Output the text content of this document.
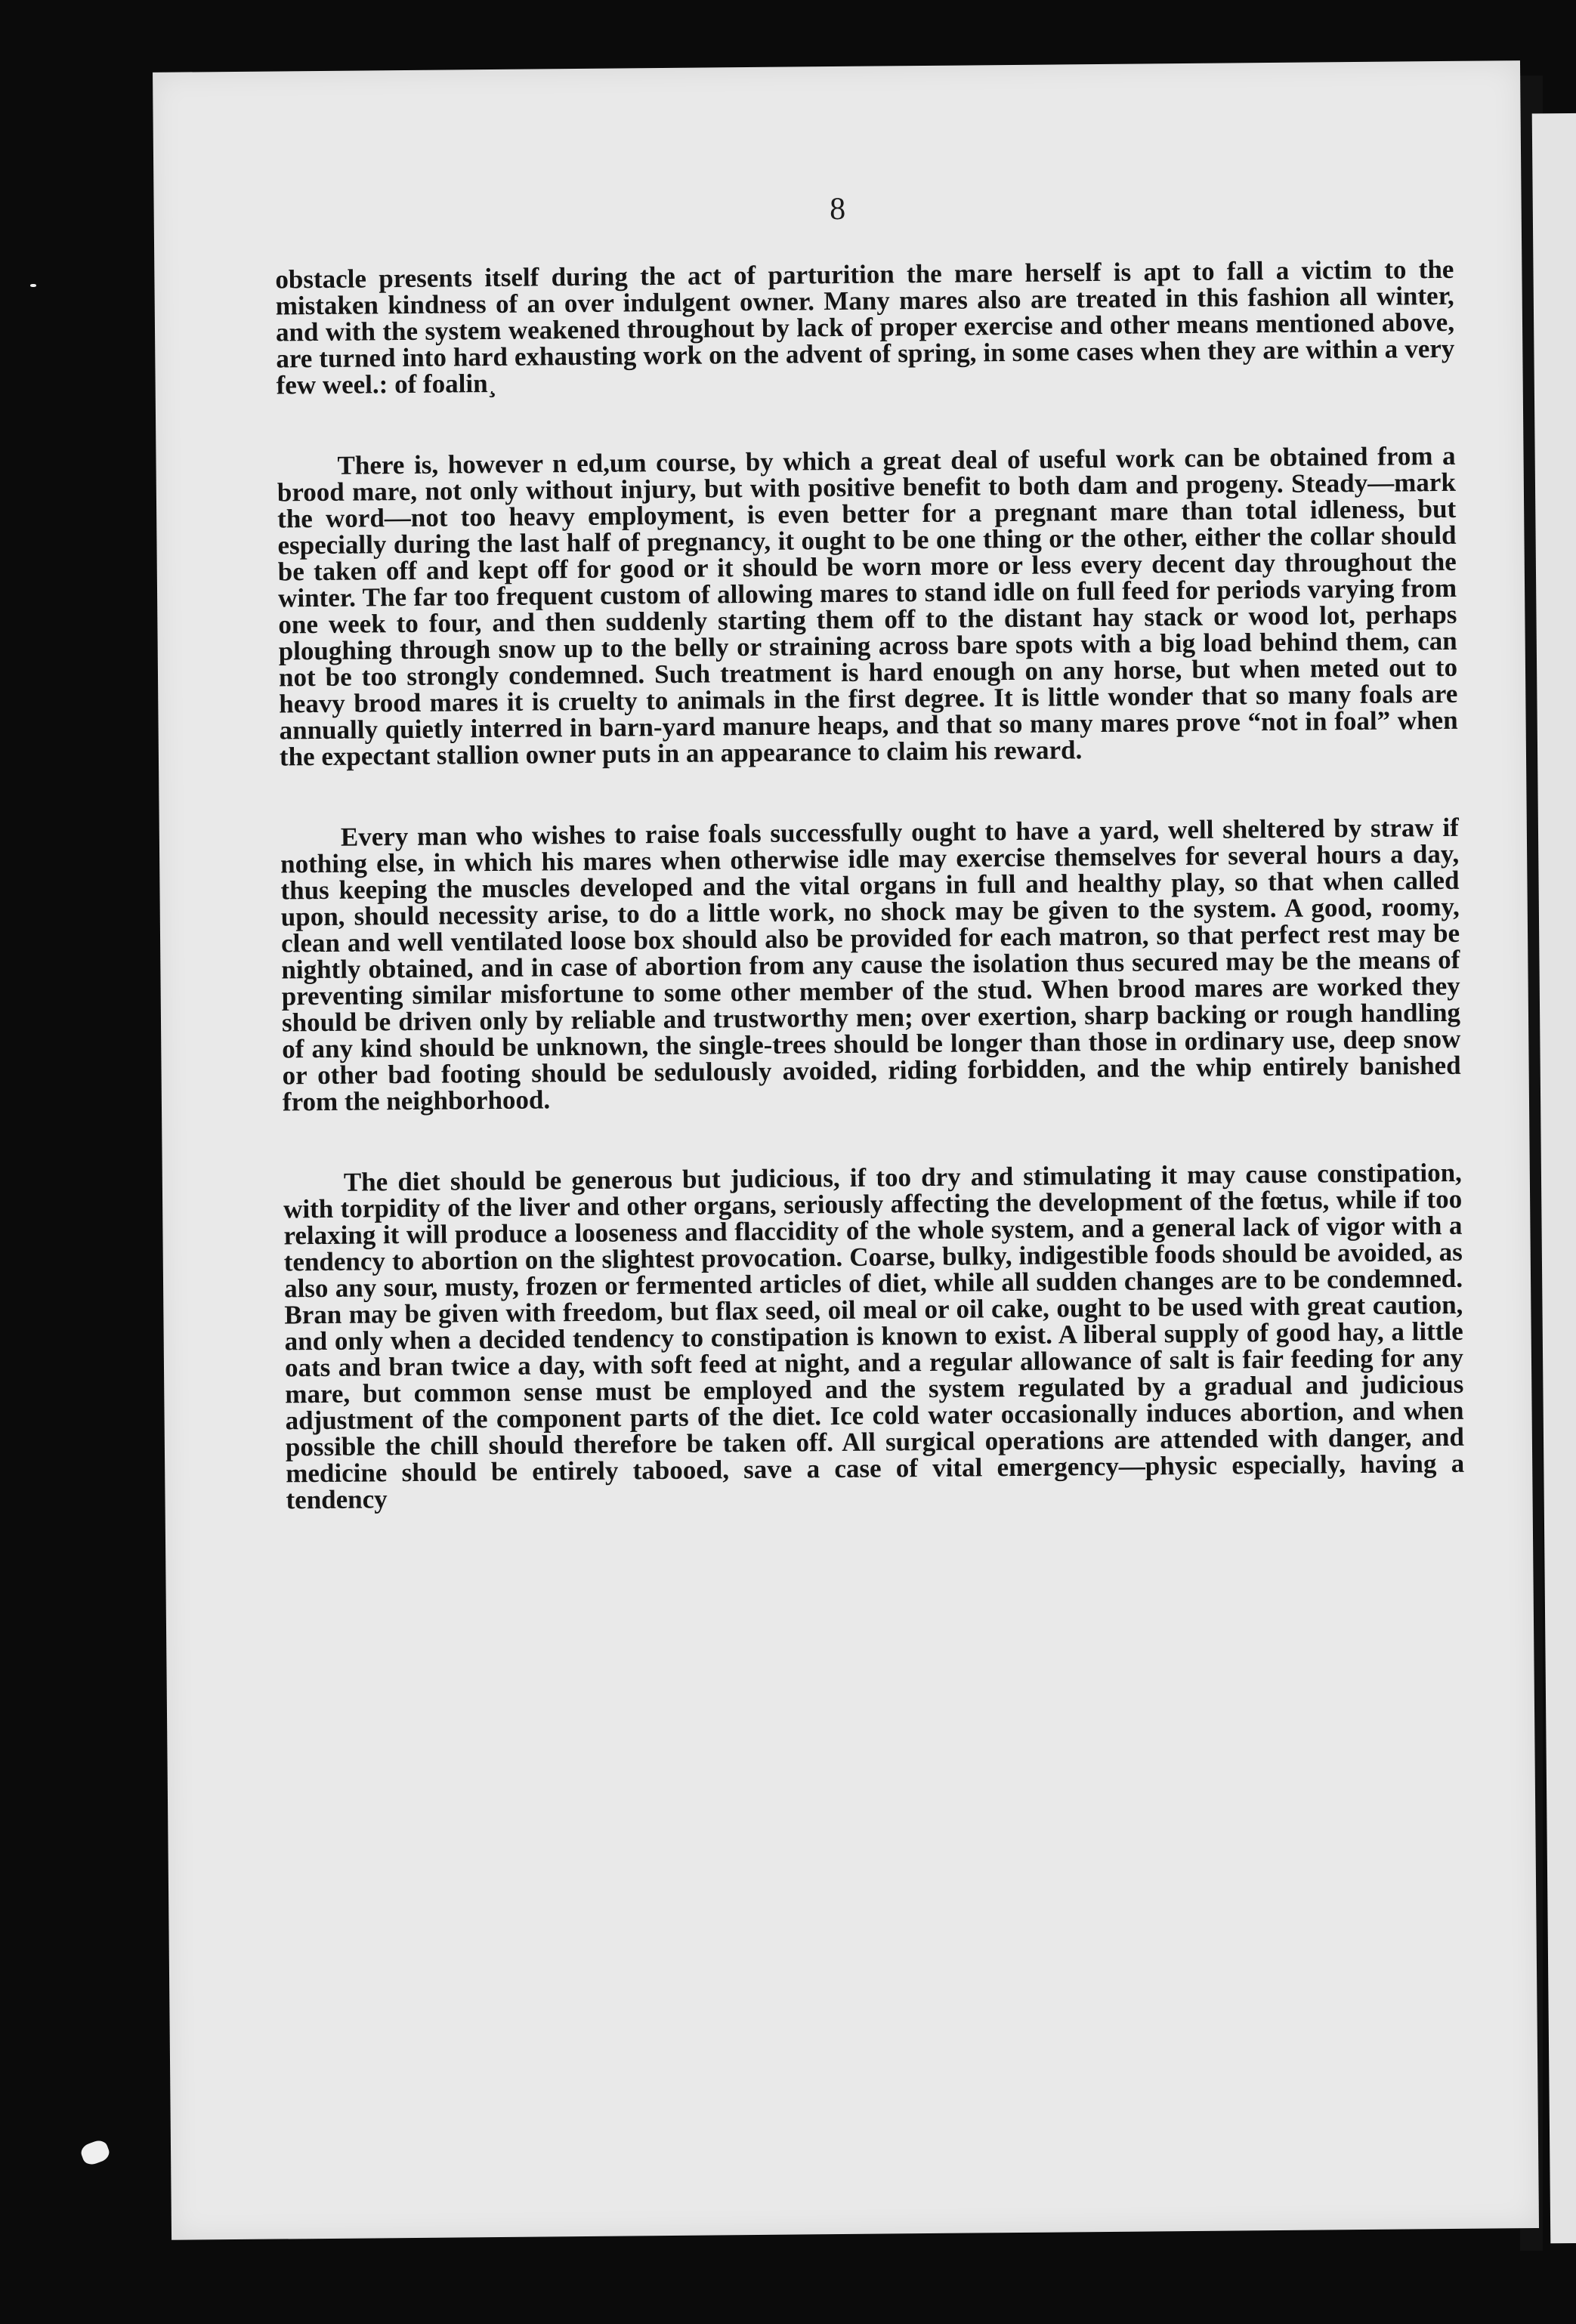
8

obstacle presents itself during the act of parturition the mare herself is apt to fall a victim to the mistaken kindness of an over indulgent owner. Many mares also are treated in this fashion all winter, and with the system weakened throughout by lack of proper exercise and other means mentioned above, are turned into hard exhausting work on the advent of spring, in some cases when they are within a very few weel.: of foalin¸

There is, however n ed,um course, by which a great deal of useful work can be obtained from a brood mare, not only without injury, but with positive benefit to both dam and progeny. Steady—mark the word—not too heavy employment, is even better for a pregnant mare than total idleness, but especially during the last half of pregnancy, it ought to be one thing or the other, either the collar should be taken off and kept off for good or it should be worn more or less every decent day throughout the winter. The far too frequent custom of allowing mares to stand idle on full feed for periods varying from one week to four, and then suddenly starting them off to the distant hay stack or wood lot, perhaps ploughing through snow up to the belly or straining across bare spots with a big load behind them, can not be too strongly condemned. Such treatment is hard enough on any horse, but when meted out to heavy brood mares it is cruelty to animals in the first degree. It is little wonder that so many foals are annually quietly interred in barn-yard manure heaps, and that so many mares prove “not in foal” when the expectant stallion owner puts in an appearance to claim his reward.

Every man who wishes to raise foals successfully ought to have a yard, well sheltered by straw if nothing else, in which his mares when otherwise idle may exercise themselves for several hours a day, thus keeping the muscles developed and the vital organs in full and healthy play, so that when called upon, should necessity arise, to do a little work, no shock may be given to the system. A good, roomy, clean and well ventilated loose box should also be provided for each matron, so that perfect rest may be nightly obtained, and in case of abortion from any cause the isolation thus secured may be the means of preventing similar misfortune to some other member of the stud. When brood mares are worked they should be driven only by reliable and trustworthy men; over exertion, sharp backing or rough handling of any kind should be unknown, the single-trees should be longer than those in ordinary use, deep snow or other bad footing should be sedulously avoided, riding forbidden, and the whip entirely banished from the neighborhood.

The diet should be generous but judicious, if too dry and stimulating it may cause constipation, with torpidity of the liver and other organs, seriously affecting the development of the fœtus, while if too relaxing it will produce a looseness and flaccidity of the whole system, and a general lack of vigor with a tendency to abortion on the slightest provocation. Coarse, bulky, indigestible foods should be avoided, as also any sour, musty, frozen or fermented articles of diet, while all sudden changes are to be condemned. Bran may be given with freedom, but flax seed, oil meal or oil cake, ought to be used with great caution, and only when a decided tendency to constipation is known to exist. A liberal supply of good hay, a little oats and bran twice a day, with soft feed at night, and a regular allowance of salt is fair feeding for any mare, but common sense must be employed and the system regulated by a gradual and judicious adjustment of the component parts of the diet. Ice cold water occasionally induces abortion, and when possible the chill should therefore be taken off. All surgical operations are attended with danger, and medicine should be entirely tabooed, save a case of vital emergency—physic especially, having a tendency
